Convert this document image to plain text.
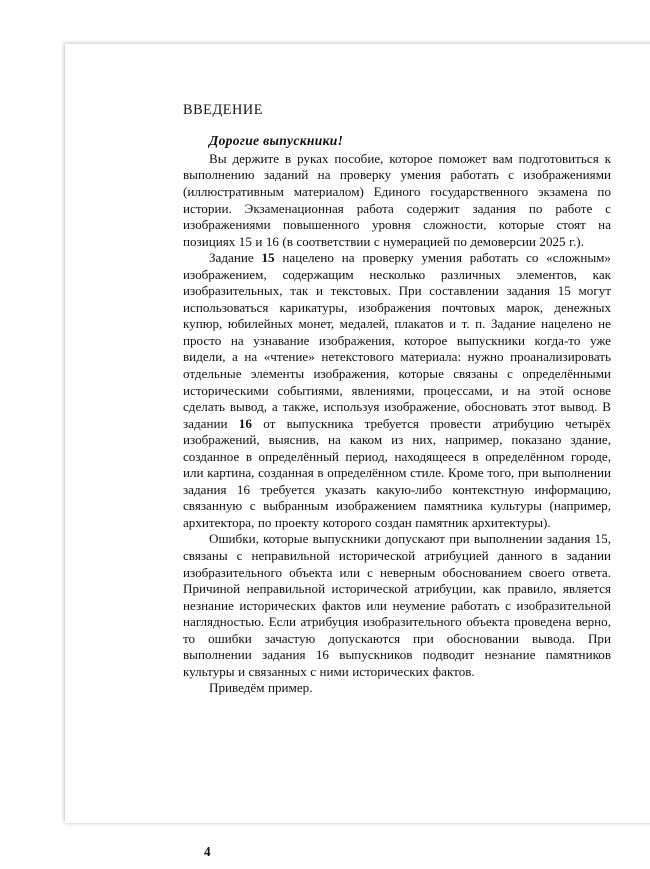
ВВЕДЕНИЕ
Дорогие выпускники!

Вы держите в руках пособие, которое поможет вам подготовиться к выполнению заданий на проверку умения работать с изображениями (иллюстративным материалом) Единого государственного экзамена по истории. Экзаменационная работа содержит задания по работе с изображениями повышенного уровня сложности, которые стоят на позициях 15 и 16 (в соответствии с нумерацией по демоверсии 2025 г.).

Задание 15 нацелено на проверку умения работать со «сложным» изображением, содержащим несколько различных элементов, как изобразительных, так и текстовых. При составлении задания 15 могут использоваться карикатуры, изображения почтовых марок, денежных купюр, юбилейных монет, медалей, плакатов и т. п. Задание нацелено не просто на узнавание изображения, которое выпускники когда-то уже видели, а на «чтение» нетекстового материала: нужно проанализировать отдельные элементы изображения, которые связаны с определёнными историческими событиями, явлениями, процессами, и на этой основе сделать вывод, а также, используя изображение, обосновать этот вывод. В задании 16 от выпускника требуется провести атрибуцию четырёх изображений, выяснив, на каком из них, например, показано здание, созданное в определённый период, находящееся в определённом городе, или картина, созданная в определённом стиле. Кроме того, при выполнении задания 16 требуется указать какую-либо контекстную информацию, связанную с выбранным изображением памятника культуры (например, архитектора, по проекту которого создан памятник архитектуры).

Ошибки, которые выпускники допускают при выполнении задания 15, связаны с неправильной исторической атрибуцией данного в задании изобразительного объекта или с неверным обоснованием своего ответа. Причиной неправильной исторической атрибуции, как правило, является незнание исторических фактов или неумение работать с изобразительной наглядностью. Если атрибуция изобразительного объекта проведена верно, то ошибки зачастую допускаются при обосновании вывода. При выполнении задания 16 выпускников подводит незнание памятников культуры и связанных с ними исторических фактов.

Приведём пример.

4
